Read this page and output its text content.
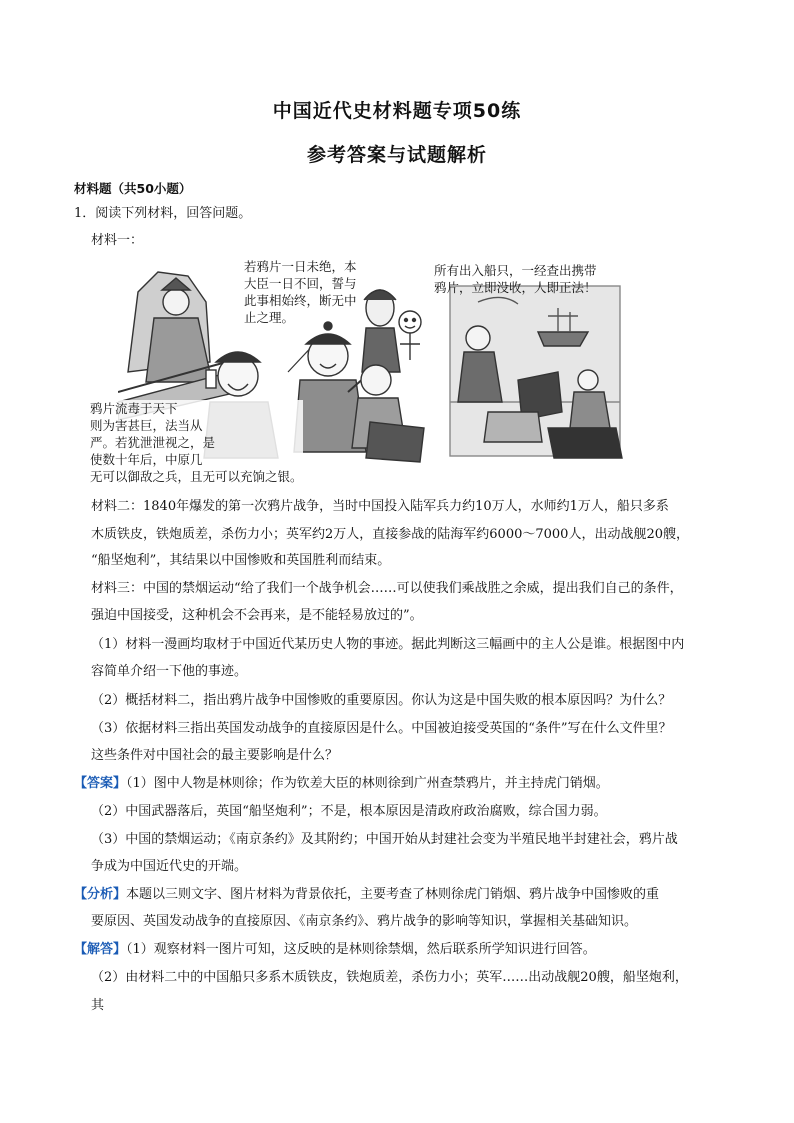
中国近代史材料题专项50练
参考答案与试题解析
材料题（共50小题）
1．阅读下列材料，回答问题。
材料一：
若鸦片一日未绝，本
大臣一日不回，誓与
此事相始终，断无中
止之理。
所有出入船只，一经查出携带
鸦片，立即没收，人即正法！
鸦片流毒于天下
则为害甚巨，法当从
严。若犹泄泄视之，是
使数十年后，中原几
无可以御敌之兵，且无可以充饷之银。
材料二：1840年爆发的第一次鸦片战争，当时中国投入陆军兵力约10万人，水师约1万人，船只多系
木质铁皮，铁炮质差，杀伤力小；英军约2万人，直接参战的陆海军约6000～7000人，出动战舰20艘，
“船坚炮利”，其结果以中国惨败和英国胜利而结束。
材料三：中国的禁烟运动“给了我们一个战争机会……可以使我们乘战胜之余威，提出我们自己的条件，
强迫中国接受，这种机会不会再来，是不能轻易放过的”。
（1）材料一漫画均取材于中国近代某历史人物的事迹。据此判断这三幅画中的主人公是谁。根据图中内
容简单介绍一下他的事迹。
（2）概括材料二，指出鸦片战争中国惨败的重要原因。你认为这是中国失败的根本原因吗？为什么？
（3）依据材料三指出英国发动战争的直接原因是什么。中国被迫接受英国的“条件”写在什么文件里？
这些条件对中国社会的最主要影响是什么？
【答案】（1）图中人物是林则徐；作为钦差大臣的林则徐到广州查禁鸦片，并主持虎门销烟。
（2）中国武器落后，英国“船坚炮利”；不是，根本原因是清政府政治腐败，综合国力弱。
（3）中国的禁烟运动；《南京条约》及其附约；中国开始从封建社会变为半殖民地半封建社会，鸦片战
争成为中国近代史的开端。
【分析】本题以三则文字、图片材料为背景依托，主要考查了林则徐虎门销烟、鸦片战争中国惨败的重
要原因、英国发动战争的直接原因、《南京条约》、鸦片战争的影响等知识，掌握相关基础知识。
【解答】（1）观察材料一图片可知，这反映的是林则徐禁烟，然后联系所学知识进行回答。
（2）由材料二中的中国船只多系木质铁皮，铁炮质差，杀伤力小；英军……出动战舰20艘，船坚炮利，
其
